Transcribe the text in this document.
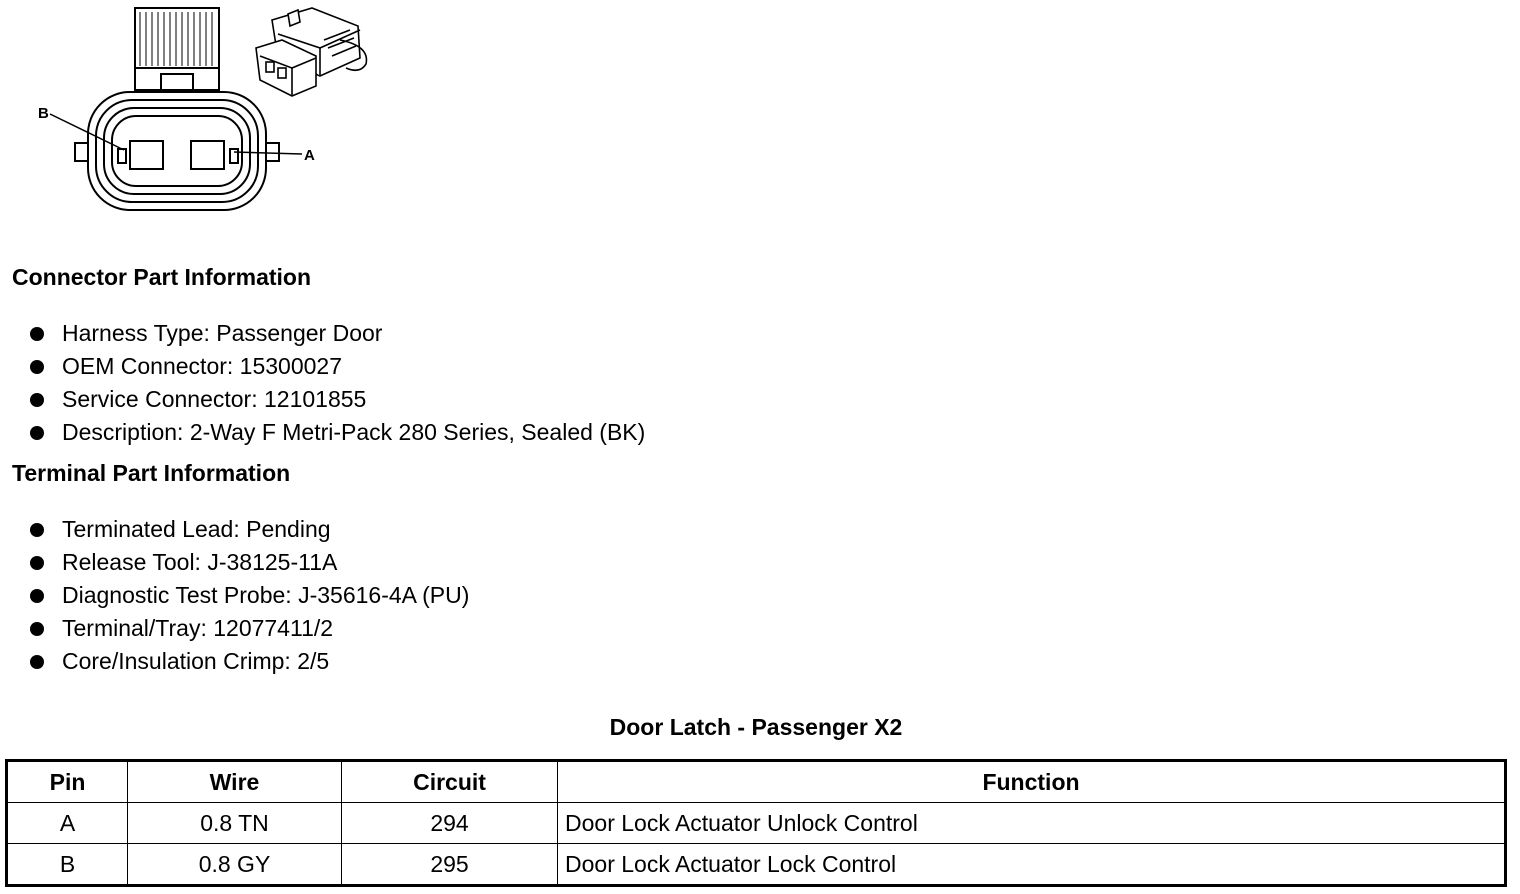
B
A
Connector Part Information
Harness Type: Passenger Door
OEM Connector: 15300027
Service Connector: 12101855
Description: 2-Way F Metri-Pack 280 Series, Sealed (BK)
Terminal Part Information
Terminated Lead: Pending
Release Tool: J-38125-11A
Diagnostic Test Probe: J-35616-4A (PU)
Terminal/Tray: 12077411/2
Core/Insulation Crimp: 2/5
Door Latch - Passenger X2
Pin	Wire	Circuit	Function
A	0.8 TN	294	Door Lock Actuator Unlock Control
B	0.8 GY	295	Door Lock Actuator Lock Control
